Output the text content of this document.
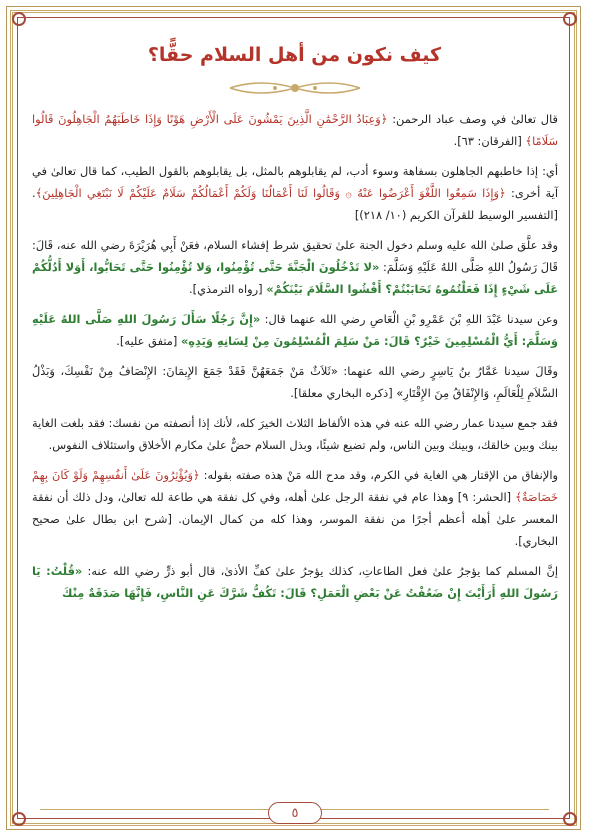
كيف نكون من أهل السلام حقًّا؟

قال تعالىٰ في وصف عباد الرحمن: ﴿وَعِبَادُ الرَّحْمَٰنِ الَّذِينَ يَمْشُونَ عَلَى الْأَرْضِ هَوْنًا وَإِذَا خَاطَبَهُمُ الْجَاهِلُونَ قَالُوا سَلَامًا﴾ [الفرقان: ٦٣].

أي: إذا خاطبهم الجاهلون بسفاهة وسوء أدب، لم يقابلوهم بالمثل، بل يقابلوهم بالقول الطيب، كما قال تعالىٰ في آية أخرى: ﴿وَإِذَا سَمِعُوا اللَّغْوَ أَعْرَضُوا عَنْهُ ۞ وَقَالُوا لَنَا أَعْمَالُنَا وَلَكُمْ أَعْمَالُكُمْ سَلَامٌ عَلَيْكُمْ لَا نَبْتَغِي الْجَاهِلِينَ﴾.[التفسير الوسيط للقرآن الكريم (١٠/ ٢١٨)]

وقد علَّق صلىٰ الله عليه وسلم دخول الجنة علىٰ تحقيق شرط إفشاء السلام، فعَنْ أَبِي هُرَيْرَةَ رضي الله عنه، قَالَ: قَالَ رَسُولُ اللهِ صَلَّى اللهُ عَلَيْهِ وَسَلَّمَ: «لا تَدْخُلُونَ الْجَنَّةَ حَتَّى تُؤْمِنُوا، وَلا تُؤْمِنُوا حَتَّى تَحَابُّوا، أَوَلا أَدُلُّكُمْ عَلَى شَيْءٍ إِذَا فَعَلْتُمُوهُ تَحَابَبْتُمْ؟ أَفْشُوا السَّلَامَ بَيْنَكُمْ» [رواه الترمذي].

وعن سيدنا عَبْدَ اللهِ بْنَ عَمْرِو بْنِ الْعَاصِ رضي الله عنهما قال: «إِنَّ رَجُلًا سَأَلَ رَسُولَ اللهِ صَلَّى اللهُ عَلَيْهِ وَسَلَّمَ: أَيُّ الْمُسْلِمِينَ خَيْرٌ؟ قَالَ: مَنْ سَلِمَ الْمُسْلِمُونَ مِنْ لِسَانِهِ وَيَدِهِ» [متفق عليه].

وقَالَ سيدنا عَمَّارُ بنُ يَاسِرٍ رضي الله عنهما: «ثَلاَثٌ مَنْ جَمَعَهُنَّ فَقَدْ جَمَعَ الإِيمَانَ: الإِنْصَافُ مِنْ نَفْسِكَ، وَبَذْلُ السَّلاَمِ لِلْعَالَمِ، وَالإِنْفَاقُ مِنَ الإِقْتَارِ» [ذكره البخاري معلقا].

فقد جمع سيدنا عمار رضي الله عنه في هذه الألفاظ الثلاث الخيرَ كله، لأنك إذا أنصفته من نفسك: فقد بلغت الغاية بينك وبين خالقك، وبينك وبين الناس، ولم تضيع شيئًا، وبذل السلام حضٌّ علىٰ مكارم الأخلاق واستئلاف النفوس.

والإنفاق من الإقتار هي الغاية في الكرم، وقد مدح الله مَنْ هذه صفته بقوله: ﴿وَيُؤْثِرُونَ عَلَىٰ أَنفُسِهِمْ وَلَوْ كَانَ بِهِمْ خَصَاصَةٌ﴾ [الحشر: ٩] وهذا عام في نفقة الرجل علىٰ أهله، وفي كل نفقة هي طاعة لله تعالىٰ، ودل ذلك أن نفقة المعسر علىٰ أهله أعظم أجرًا من نفقة الموسر، وهذا كله من كمال الإيمان. [شرح ابن بطال علىٰ صحيح البخاري].

إنَّ المسلم كما يؤجرُ علىٰ فعل الطاعاتِ، كذلك يؤجرُ علىٰ كفِّ الأذىٰ، قال أبو ذرٍّ رضي الله عنه: «قُلْتُ: يَا رَسُولَ اللهِ أَرَأَيْتَ إِنْ ضَعُفْتُ عَنْ بَعْضِ الْعَمَلِ؟ قَالَ: تَكُفُّ شَرَّكَ عَنِ النَّاسِ، فَإِنَّهَا صَدَقَةٌ مِنْكَ

٥
